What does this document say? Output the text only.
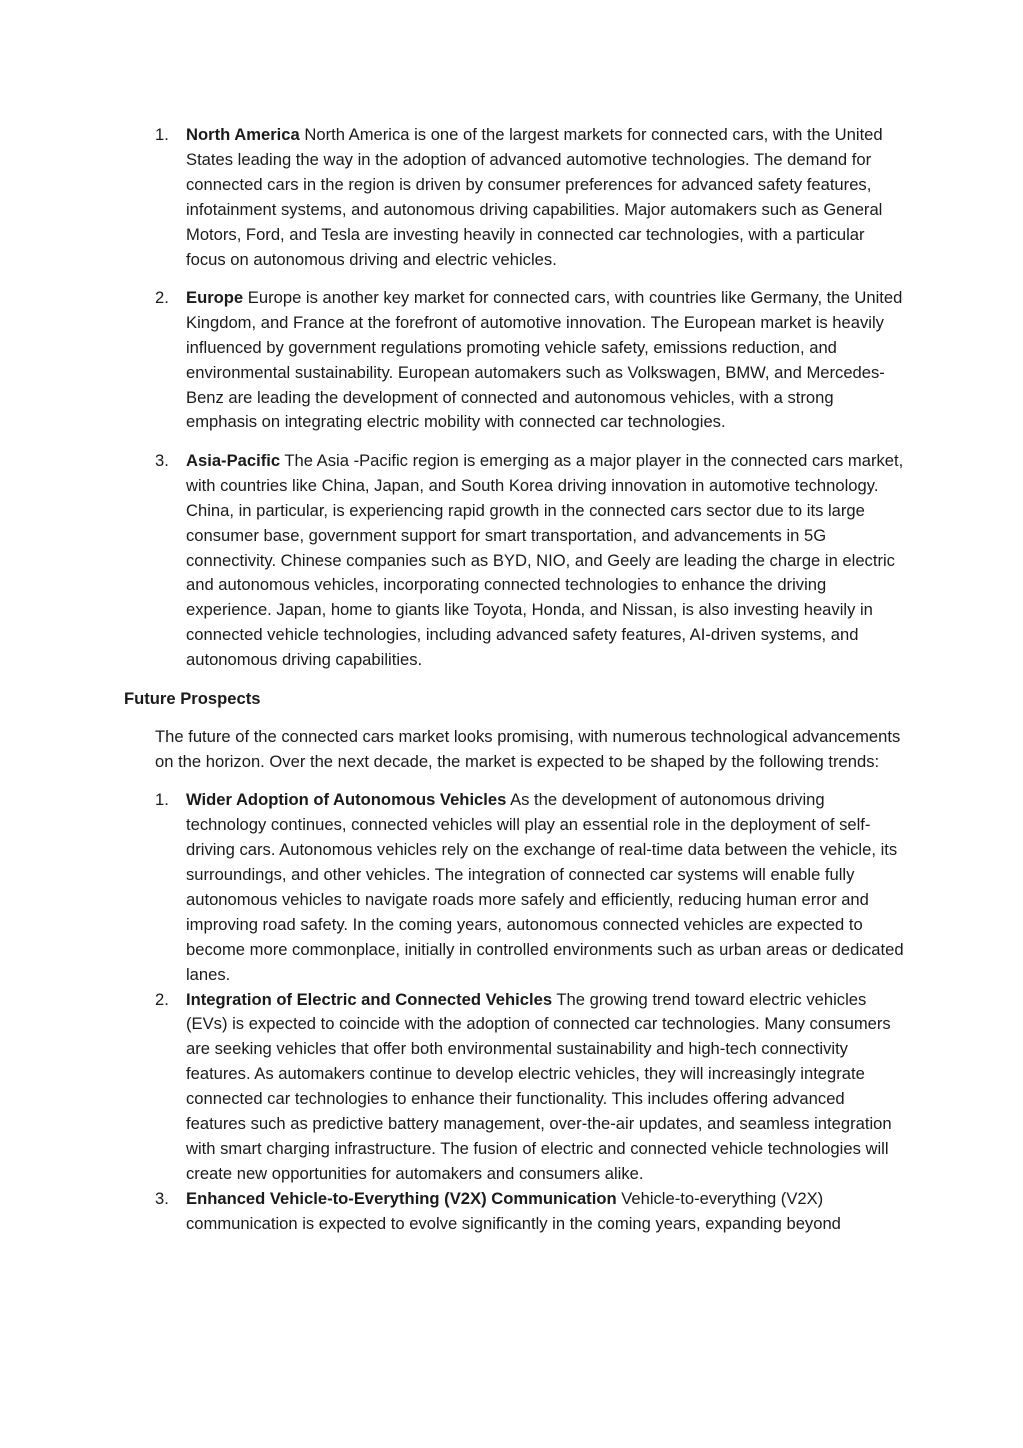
1. North America North America is one of the largest markets for connected cars, with the United States leading the way in the adoption of advanced automotive technologies. The demand for connected cars in the region is driven by consumer preferences for advanced safety features, infotainment systems, and autonomous driving capabilities. Major automakers such as General Motors, Ford, and Tesla are investing heavily in connected car technologies, with a particular focus on autonomous driving and electric vehicles.
2. Europe Europe is another key market for connected cars, with countries like Germany, the United Kingdom, and France at the forefront of automotive innovation. The European market is heavily influenced by government regulations promoting vehicle safety, emissions reduction, and environmental sustainability. European automakers such as Volkswagen, BMW, and Mercedes-Benz are leading the development of connected and autonomous vehicles, with a strong emphasis on integrating electric mobility with connected car technologies.
3. Asia-Pacific The Asia -Pacific region is emerging as a major player in the connected cars market, with countries like China, Japan, and South Korea driving innovation in automotive technology. China, in particular, is experiencing rapid growth in the connected cars sector due to its large consumer base, government support for smart transportation, and advancements in 5G connectivity. Chinese companies such as BYD, NIO, and Geely are leading the charge in electric and autonomous vehicles, incorporating connected technologies to enhance the driving experience. Japan, home to giants like Toyota, Honda, and Nissan, is also investing heavily in connected vehicle technologies, including advanced safety features, AI-driven systems, and autonomous driving capabilities.
Future Prospects

The future of the connected cars market looks promising, with numerous technological advancements on the horizon. Over the next decade, the market is expected to be shaped by the following trends:

1. Wider Adoption of Autonomous Vehicles As the development of autonomous driving technology continues, connected vehicles will play an essential role in the deployment of self-driving cars. Autonomous vehicles rely on the exchange of real-time data between the vehicle, its surroundings, and other vehicles. The integration of connected car systems will enable fully autonomous vehicles to navigate roads more safely and efficiently, reducing human error and improving road safety. In the coming years, autonomous connected vehicles are expected to become more commonplace, initially in controlled environments such as urban areas or dedicated lanes.
2. Integration of Electric and Connected Vehicles The growing trend toward electric vehicles (EVs) is expected to coincide with the adoption of connected car technologies. Many consumers are seeking vehicles that offer both environmental sustainability and high-tech connectivity features. As automakers continue to develop electric vehicles, they will increasingly integrate connected car technologies to enhance their functionality. This includes offering advanced features such as predictive battery management, over-the-air updates, and seamless integration with smart charging infrastructure. The fusion of electric and connected vehicle technologies will create new opportunities for automakers and consumers alike.
3. Enhanced Vehicle-to-Everything (V2X) Communication Vehicle-to-everything (V2X) communication is expected to evolve significantly in the coming years, expanding beyond
